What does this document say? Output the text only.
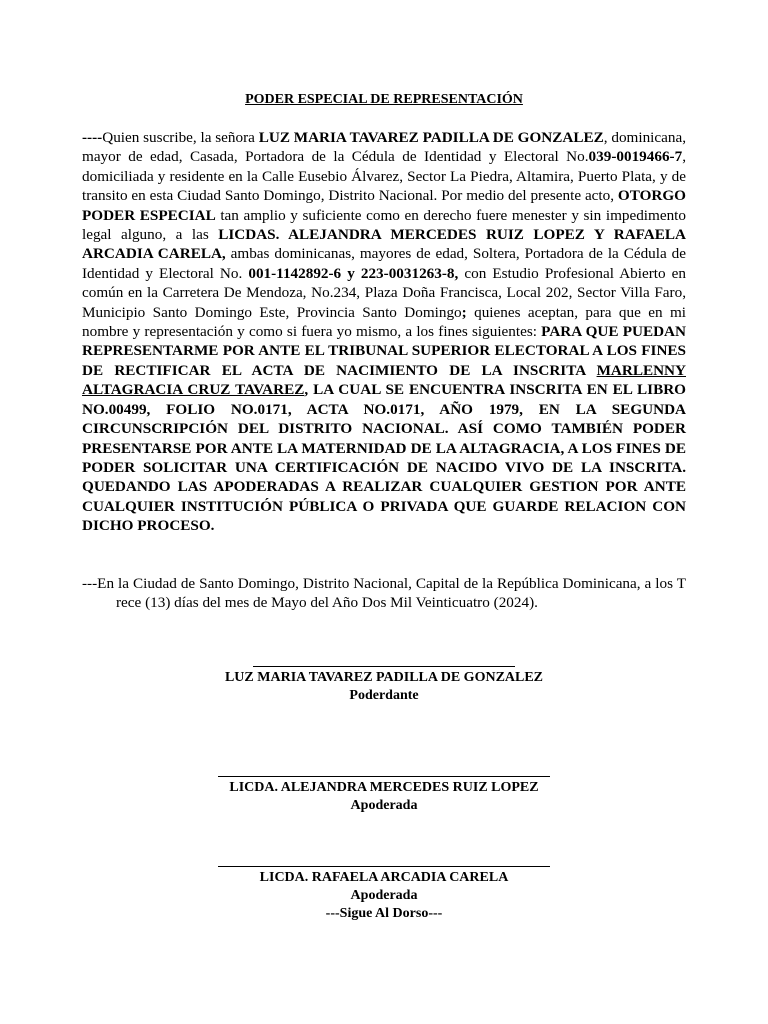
PODER ESPECIAL DE REPRESENTACIÓN

----Quien suscribe, la señora LUZ MARIA TAVAREZ PADILLA DE GONZALEZ, dominicana, mayor de edad, Casada, Portadora de la Cédula de Identidad y Electoral No.039-0019466-7, domiciliada y residente en la Calle Eusebio Álvarez, Sector La Piedra, Altamira, Puerto Plata, y de transito en esta Ciudad Santo Domingo, Distrito Nacional. Por medio del presente acto, OTORGO PODER ESPECIAL tan amplio y suficiente como en derecho fuere menester y sin impedimento legal alguno, a las LICDAS. ALEJANDRA MERCEDES RUIZ LOPEZ Y RAFAELA ARCADIA CARELA, ambas dominicanas, mayores de edad, Soltera, Portadora de la Cédula de Identidad y Electoral No. 001-1142892-6 y 223-0031263-8, con Estudio Profesional Abierto en común en la Carretera De Mendoza, No.234, Plaza Doña Francisca, Local 202, Sector Villa Faro, Municipio Santo Domingo Este, Provincia Santo Domingo; quienes aceptan, para que en mi nombre y representación y como si fuera yo mismo, a los fines siguientes: PARA QUE PUEDAN REPRESENTARME POR ANTE EL TRIBUNAL SUPERIOR ELECTORAL A LOS FINES DE RECTIFICAR EL ACTA DE NACIMIENTO DE LA INSCRITA MARLENNY ALTAGRACIA CRUZ TAVAREZ, LA CUAL SE ENCUENTRA INSCRITA EN EL LIBRO NO.00499, FOLIO NO.0171, ACTA NO.0171, AÑO 1979, EN LA SEGUNDA CIRCUNSCRIPCIÓN DEL DISTRITO NACIONAL. ASÍ COMO TAMBIÉN PODER PRESENTARSE POR ANTE LA MATERNIDAD DE LA ALTAGRACIA, A LOS FINES DE PODER SOLICITAR UNA CERTIFICACIÓN DE NACIDO VIVO DE LA INSCRITA. QUEDANDO LAS APODERADAS A REALIZAR CUALQUIER GESTION POR ANTE CUALQUIER INSTITUCIÓN PÚBLICA O PRIVADA QUE GUARDE RELACION CON DICHO PROCESO.

---En la Ciudad de Santo Domingo, Distrito Nacional, Capital de la República Dominicana, a los Trece (13) días del mes de Mayo del Año Dos Mil Veinticuatro (2024).

LUZ MARIA TAVAREZ PADILLA DE GONZALEZ
Poderdante
LICDA. ALEJANDRA MERCEDES RUIZ LOPEZ
Apoderada
LICDA. RAFAELA ARCADIA CARELA
Apoderada
---Sigue Al Dorso---
